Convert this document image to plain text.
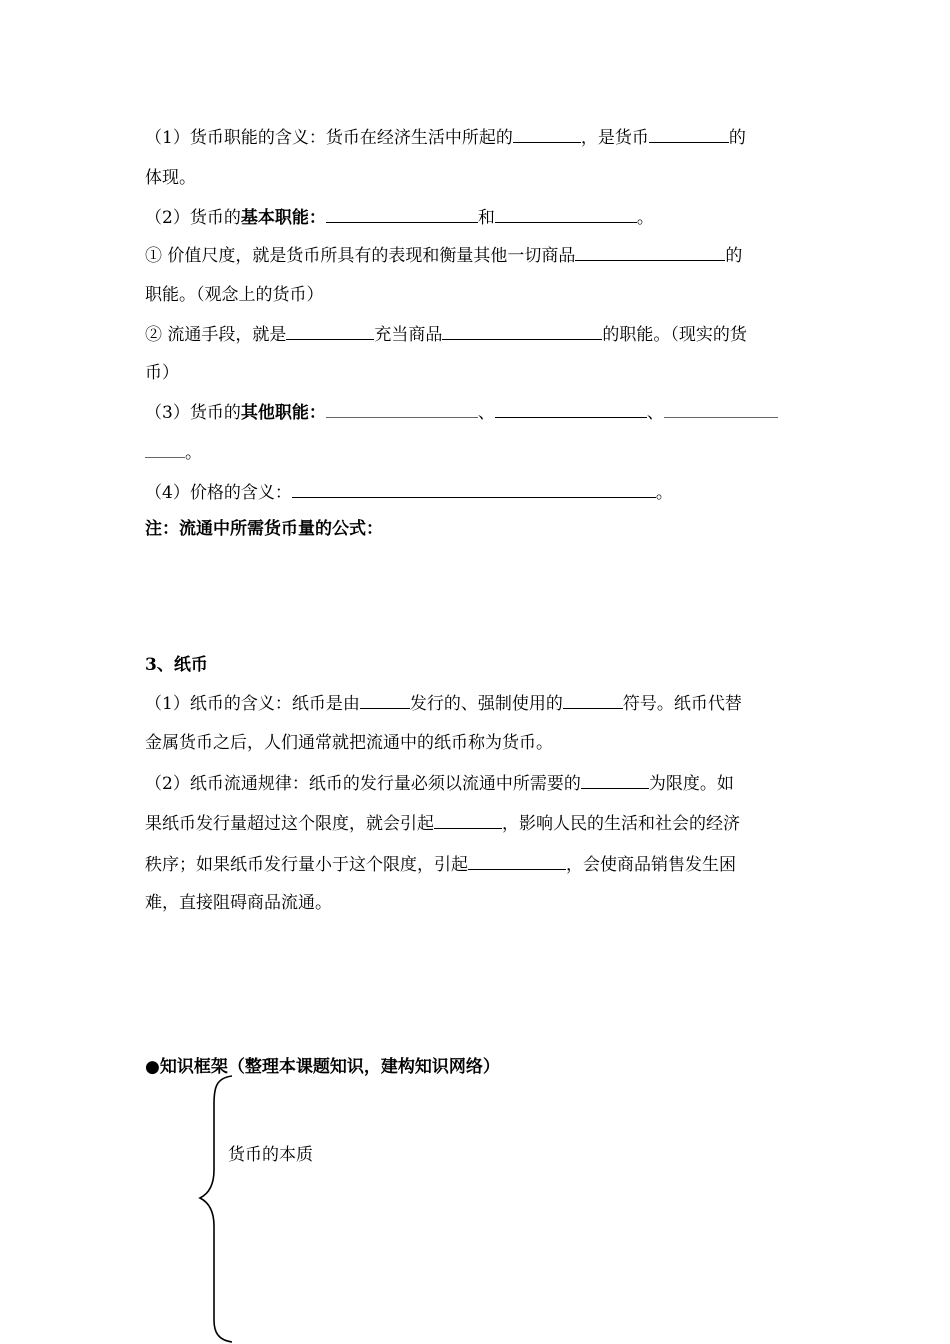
（1）货币职能的含义：货币在经济生活中所起的	，是货币	的
体现。
（2）货币的基本职能：	和	。
① 价值尺度，就是货币所具有的表现和衡量其他一切商品	的
职能。（观念上的货币）
② 流通手段，就是	充当商品	的职能。（现实的货
币）
（3）货币的其他职能：	、	、
。
（4）价格的含义：	。
注：流通中所需货币量的公式：
3、纸币
（1）纸币的含义：纸币是由	发行的、强制使用的	符号。纸币代替
金属货币之后，人们通常就把流通中的纸币称为货币。
（2）纸币流通规律：纸币的发行量必须以流通中所需要的	为限度。如
果纸币发行量超过这个限度，就会引起	，影响人民的生活和社会的经济
秩序；如果纸币发行量小于这个限度，引起	，会使商品销售发生困
难，直接阻碍商品流通。
●知识框架（整理本课题知识，建构知识网络）
货币的本质
